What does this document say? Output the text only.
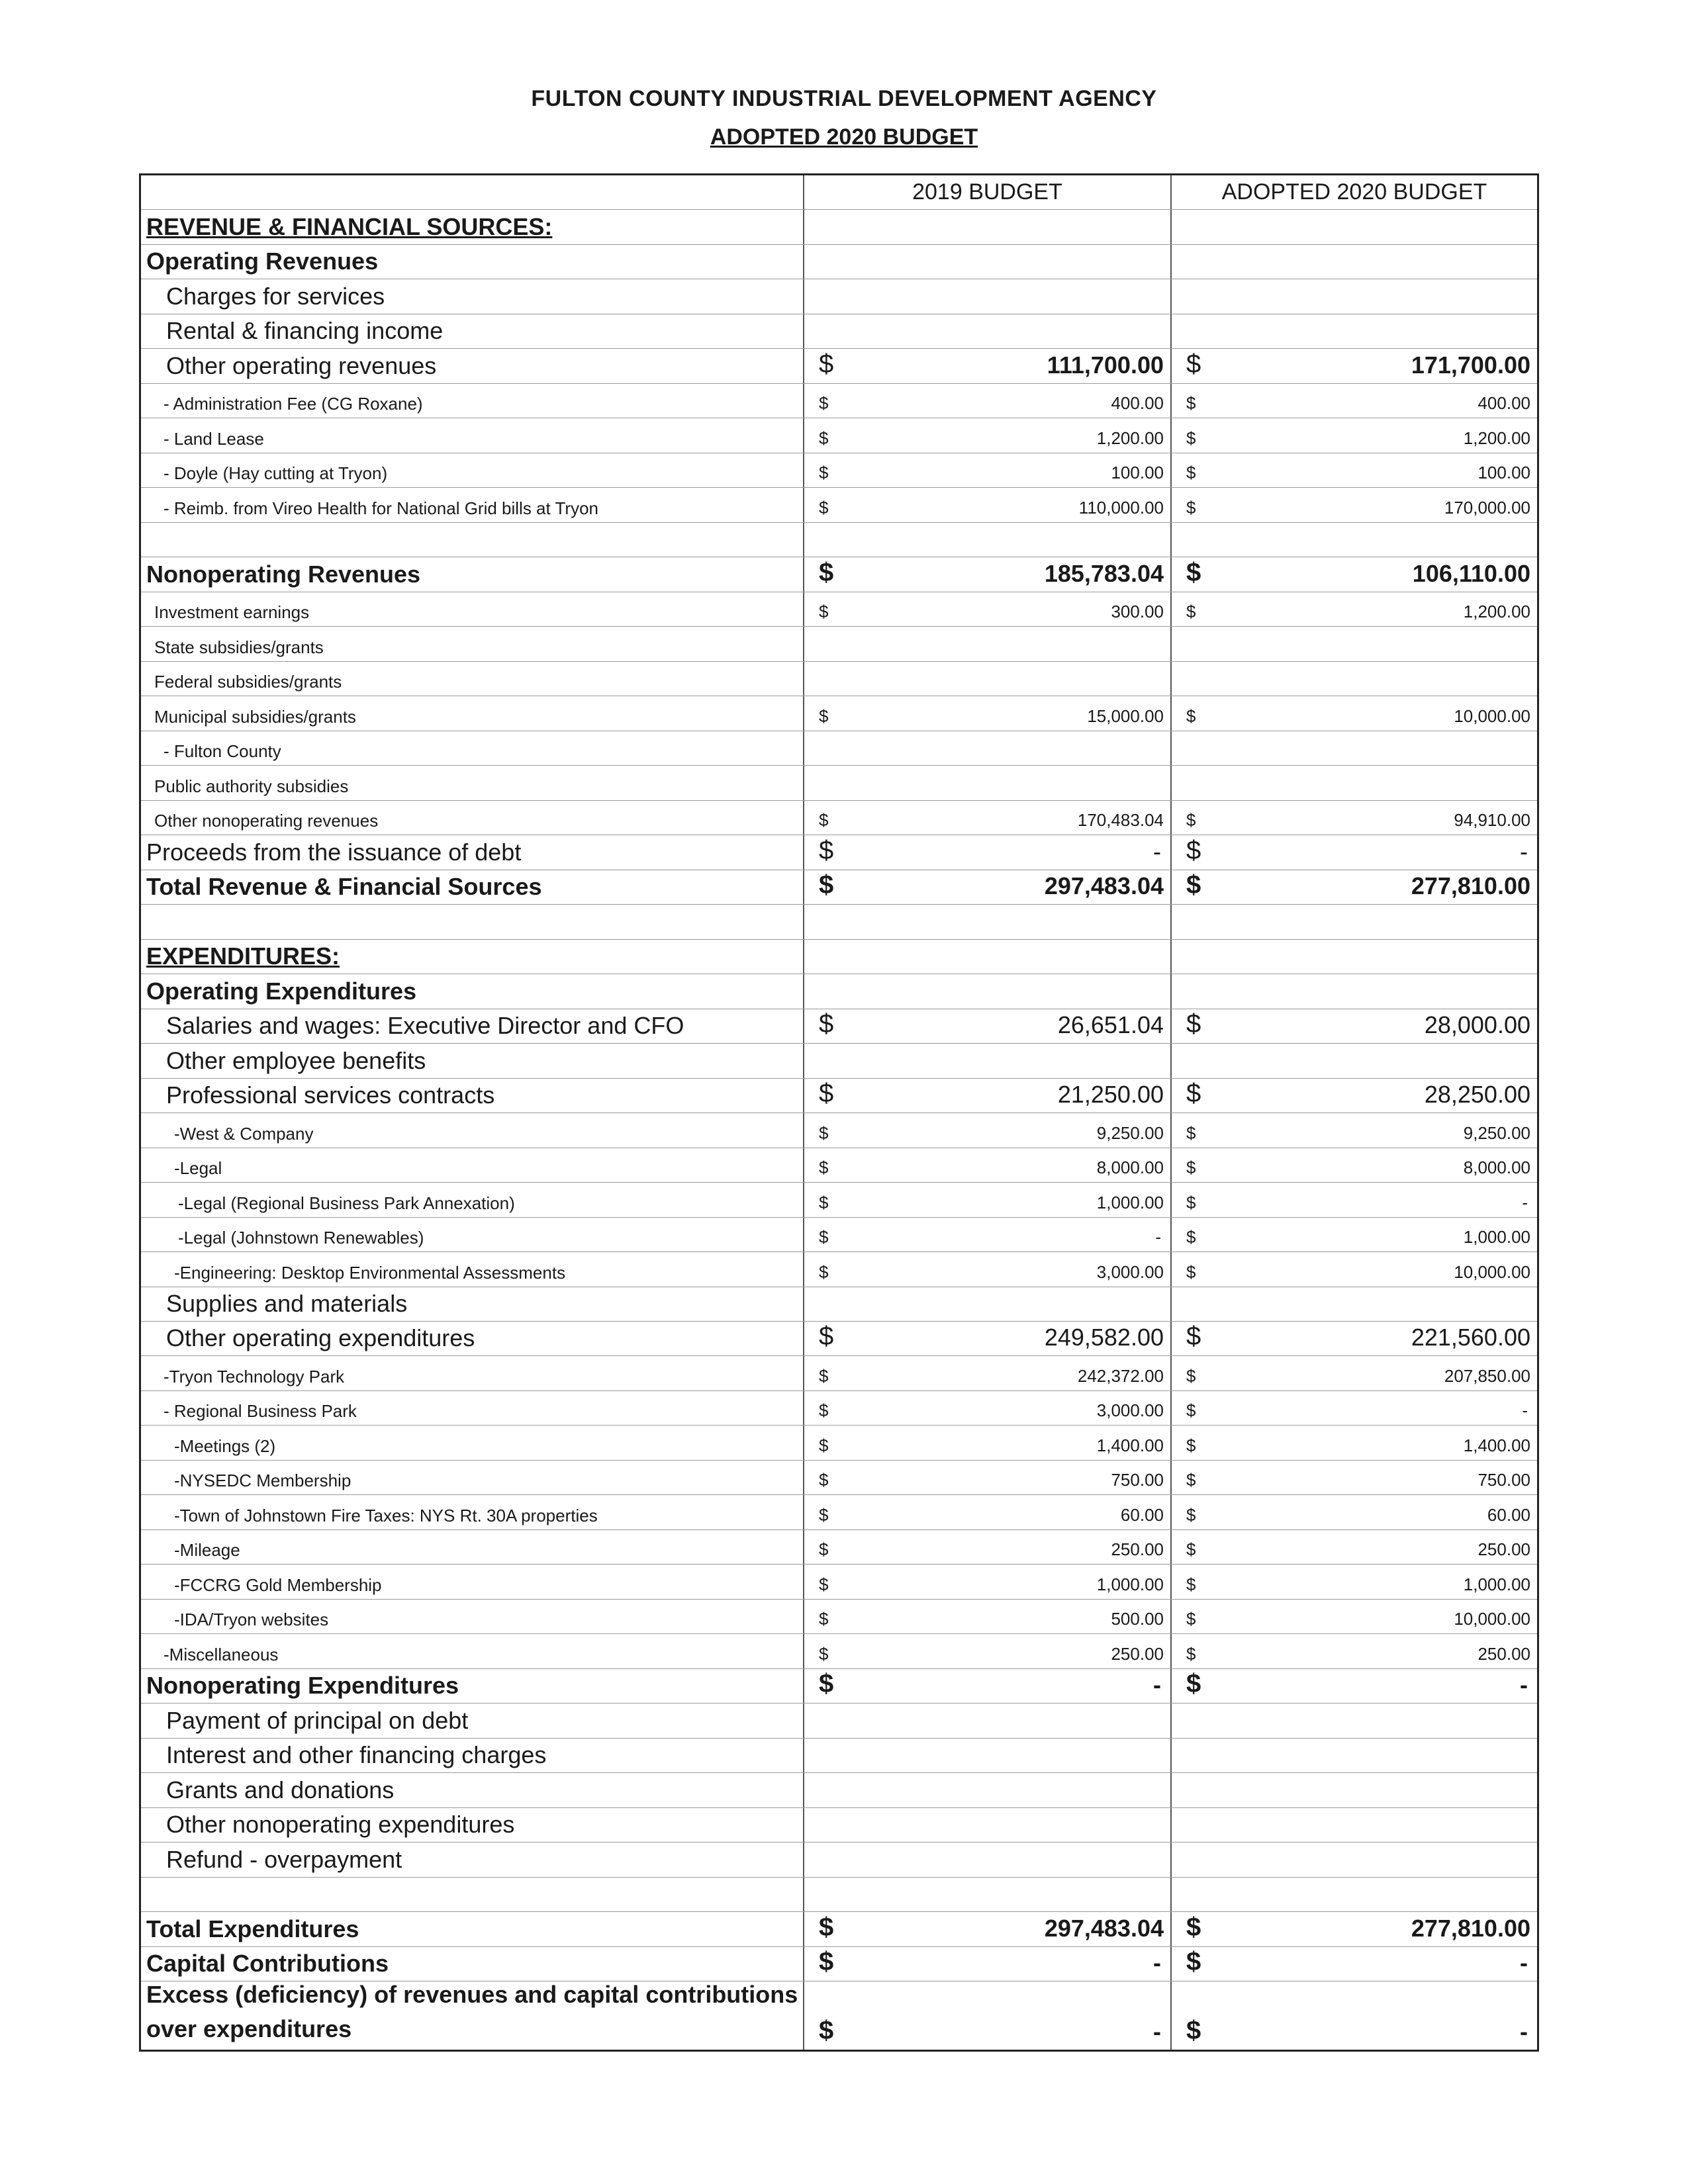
FULTON COUNTY INDUSTRIAL DEVELOPMENT AGENCY
ADOPTED 2020 BUDGET
2019 BUDGET	ADOPTED 2020 BUDGET
REVENUE & FINANCIAL SOURCES:
Operating Revenues
Charges for services
Rental & financing income
Other operating revenues	$	111,700.00 $	171,700.00
- Administration Fee (CG Roxane)	$	400.00 $	400.00
- Land Lease	$	1,200.00 $	1,200.00
- Doyle (Hay cutting at Tryon)	$	100.00 $	100.00
- Reimb. from Vireo Health for National Grid bills at Tryon	$	110,000.00 $	170,000.00
Nonoperating Revenues	$	185,783.04 $	106,110.00
Investment earnings	$	300.00 $	1,200.00
State subsidies/grants
Federal subsidies/grants
Municipal subsidies/grants	$	15,000.00 $	10,000.00
- Fulton County
Public authority subsidies
Other nonoperating revenues	$	170,483.04 $	94,910.00
Proceeds from the issuance of debt	$	- $	-
Total Revenue & Financial Sources	$	297,483.04 $	277,810.00
EXPENDITURES:
Operating Expenditures
Salaries and wages: Executive Director and CFO	$	26,651.04 $	28,000.00
Other employee benefits
Professional services contracts	$	21,250.00 $	28,250.00
-West & Company	$	9,250.00 $	9,250.00
-Legal	$	8,000.00 $	8,000.00
-Legal (Regional Business Park Annexation)	$	1,000.00 $	-
-Legal (Johnstown Renewables)	$	- $	1,000.00
-Engineering: Desktop Environmental Assessments	$	3,000.00 $	10,000.00
Supplies and materials
Other operating expenditures	$	249,582.00 $	221,560.00
-Tryon Technology Park	$	242,372.00 $	207,850.00
- Regional Business Park	$	3,000.00 $	-
-Meetings (2)	$	1,400.00 $	1,400.00
-NYSEDC Membership	$	750.00 $	750.00
-Town of Johnstown Fire Taxes: NYS Rt. 30A properties	$	60.00 $	60.00
-Mileage	$	250.00 $	250.00
-FCCRG Gold Membership	$	1,000.00 $	1,000.00
-IDA/Tryon websites	$	500.00 $	10,000.00
-Miscellaneous	$	250.00 $	250.00
Nonoperating Expenditures	$	- $	-
Payment of principal on debt
Interest and other financing charges
Grants and donations
Other nonoperating expenditures
Refund - overpayment
Total Expenditures	$	297,483.04 $	277,810.00
Capital Contributions	$	- $	-
Excess (deficiency) of revenues and capital contributions over expenditures	$	- $	-
